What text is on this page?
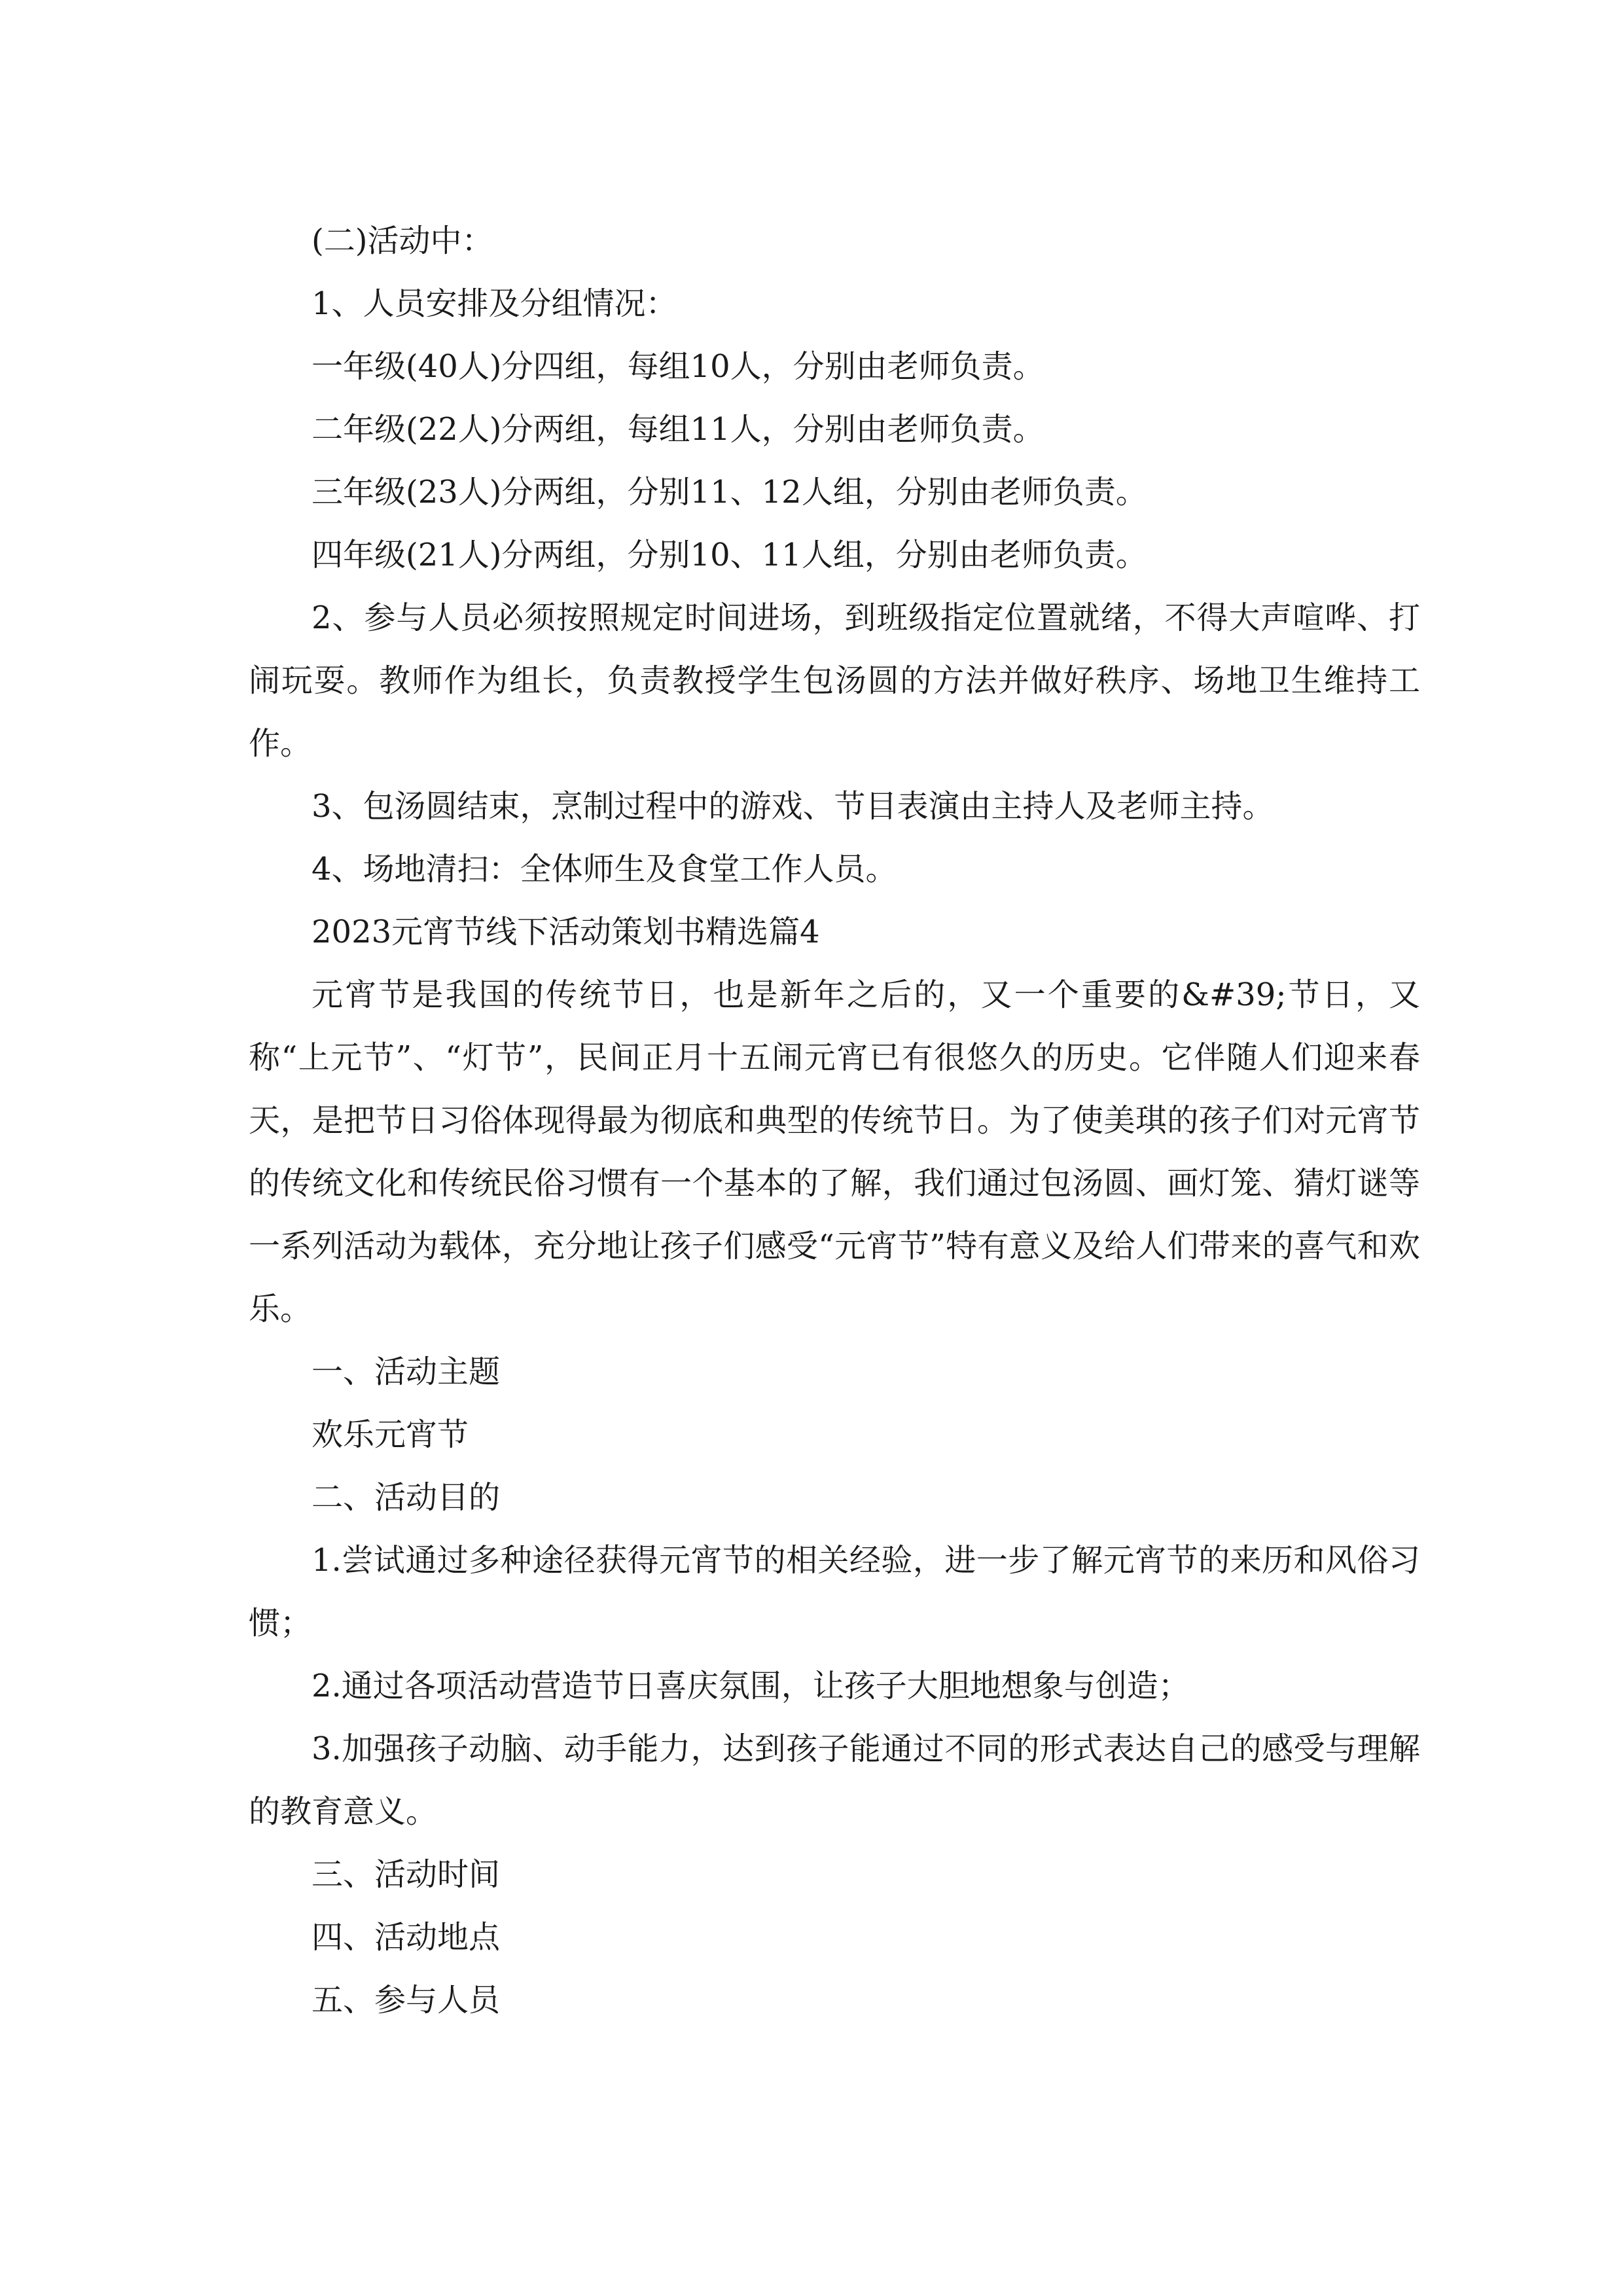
(二)活动中：
1、人员安排及分组情况：
一年级(40人)分四组，每组10人，分别由老师负责。
二年级(22人)分两组，每组11人，分别由老师负责。
三年级(23人)分两组，分别11、12人组，分别由老师负责。
四年级(21人)分两组，分别10、11人组，分别由老师负责。

2、参与人员必须按照规定时间进场，到班级指定位置就绪，不得大声喧哗、打闹玩耍。教师作为组长，负责教授学生包汤圆的方法并做好秩序、场地卫生维持工作。

3、包汤圆结束，烹制过程中的游戏、节目表演由主持人及老师主持。
4、场地清扫：全体师生及食堂工作人员。
2023元宵节线下活动策划书精选篇4

元宵节是我国的传统节日，也是新年之后的，又一个重要的&#39;节日，又称“上元节”、“灯节”，民间正月十五闹元宵已有很悠久的历史。它伴随人们迎来春天，是把节日习俗体现得最为彻底和典型的传统节日。为了使美琪的孩子们对元宵节的传统文化和传统民俗习惯有一个基本的了解，我们通过包汤圆、画灯笼、猜灯谜等一系列活动为载体，充分地让孩子们感受“元宵节”特有意义及给人们带来的喜气和欢乐。

一、活动主题
欢乐元宵节
二、活动目的

1.尝试通过多种途径获得元宵节的相关经验，进一步了解元宵节的来历和风俗习惯；

2.通过各项活动营造节日喜庆氛围，让孩子大胆地想象与创造；

3.加强孩子动脑、动手能力，达到孩子能通过不同的形式表达自己的感受与理解的教育意义。

三、活动时间
四、活动地点
五、参与人员
